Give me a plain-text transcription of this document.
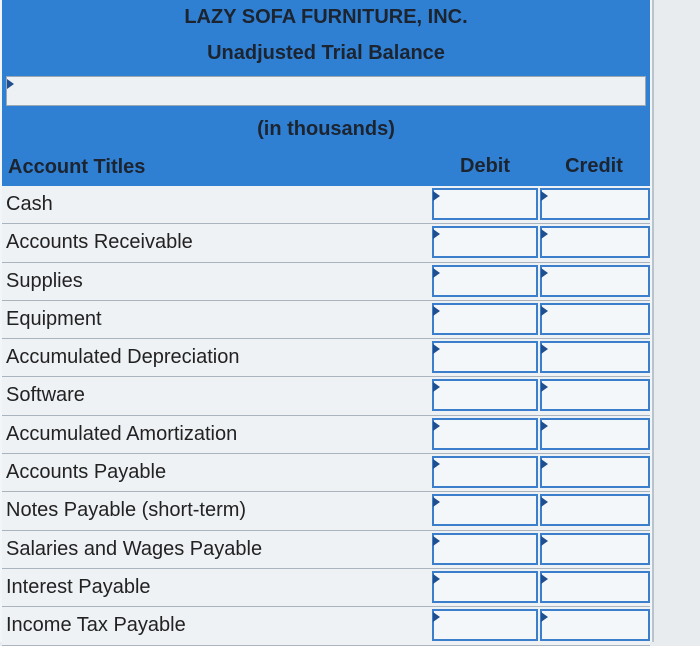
LAZY SOFA FURNITURE, INC.
Unadjusted Trial Balance
(in thousands)
Account Titles	Debit	Credit
Cash
Accounts Receivable
Supplies
Equipment
Accumulated Depreciation
Software
Accumulated Amortization
Accounts Payable
Notes Payable (short-term)
Salaries and Wages Payable
Interest Payable
Income Tax Payable
